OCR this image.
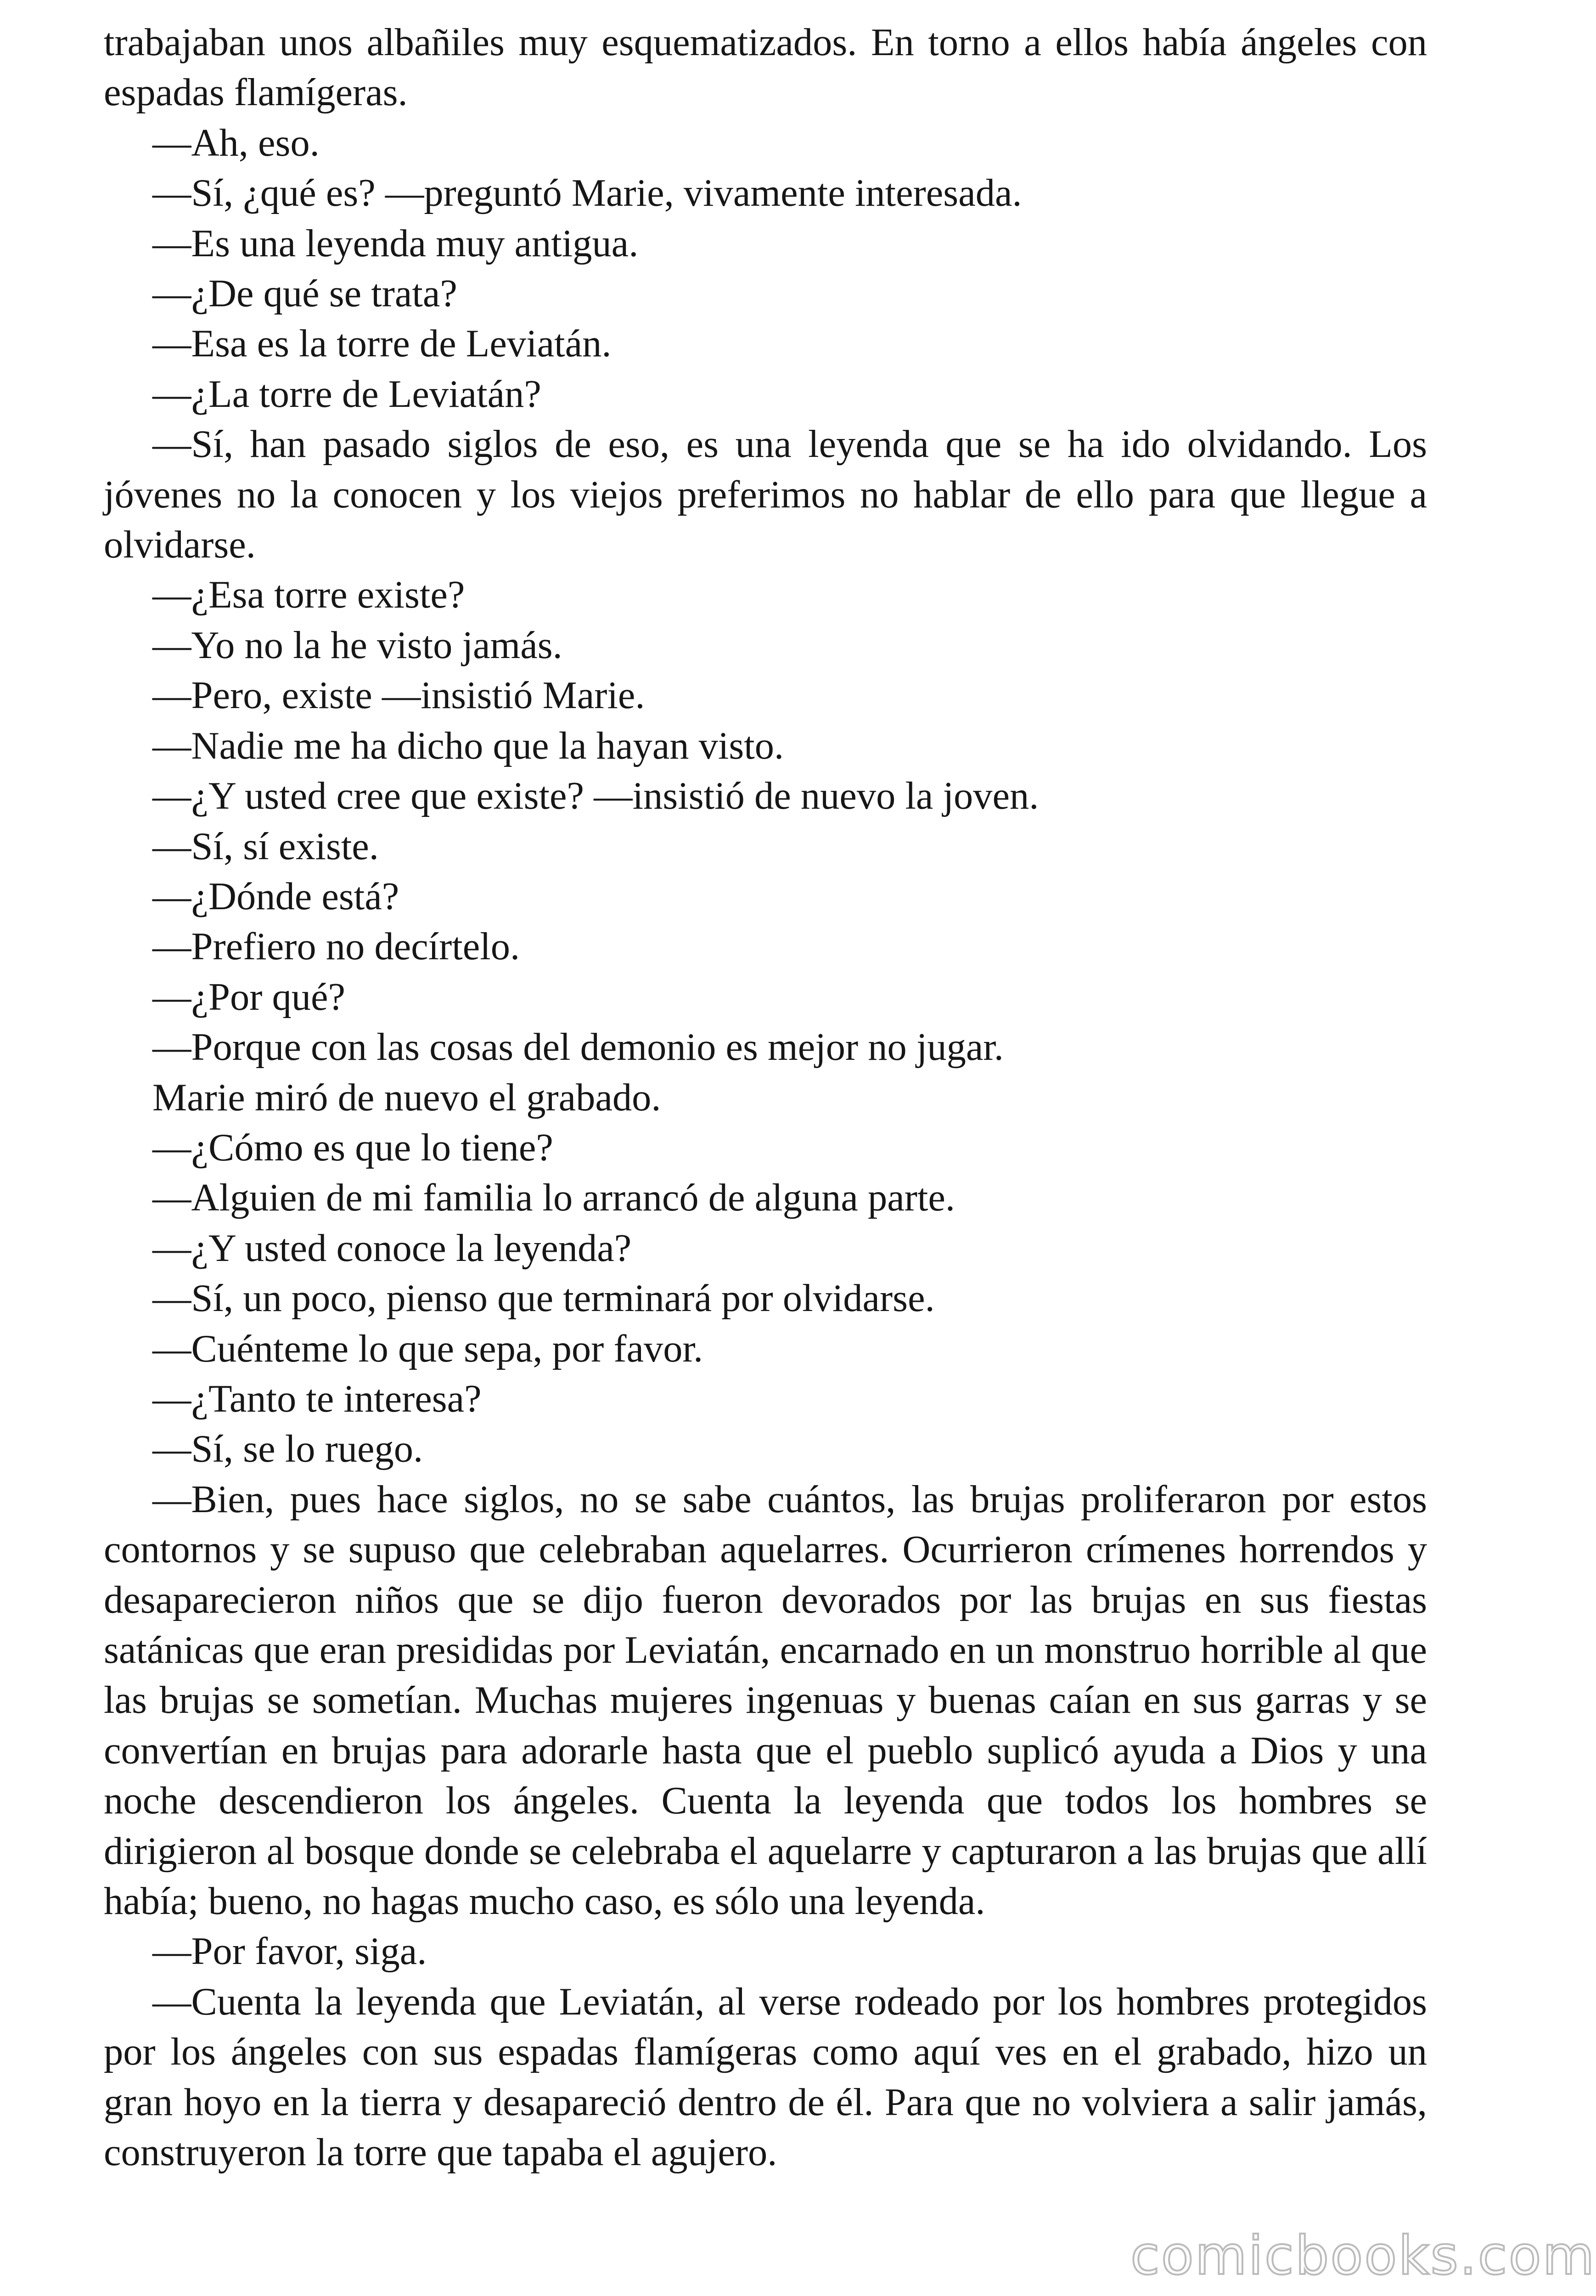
trabajaban unos albañiles muy esquematizados. En torno a ellos había ángeles con espadas flamígeras.

—Ah, eso.

—Sí, ¿qué es? —preguntó Marie, vivamente interesada.

—Es una leyenda muy antigua.

—¿De qué se trata?

—Esa es la torre de Leviatán.

—¿La torre de Leviatán?

—Sí, han pasado siglos de eso, es una leyenda que se ha ido olvidando. Los jóvenes no la conocen y los viejos preferimos no hablar de ello para que llegue a olvidarse.

—¿Esa torre existe?

—Yo no la he visto jamás.

—Pero, existe —insistió Marie.

—Nadie me ha dicho que la hayan visto.

—¿Y usted cree que existe? —insistió de nuevo la joven.

—Sí, sí existe.

—¿Dónde está?

—Prefiero no decírtelo.

—¿Por qué?

—Porque con las cosas del demonio es mejor no jugar.

Marie miró de nuevo el grabado.

—¿Cómo es que lo tiene?

—Alguien de mi familia lo arrancó de alguna parte.

—¿Y usted conoce la leyenda?

—Sí, un poco, pienso que terminará por olvidarse.

—Cuénteme lo que sepa, por favor.

—¿Tanto te interesa?

—Sí, se lo ruego.

—Bien, pues hace siglos, no se sabe cuántos, las brujas proliferaron por estos contornos y se supuso que celebraban aquelarres. Ocurrieron crímenes horrendos y desaparecieron niños que se dijo fueron devorados por las brujas en sus fiestas satánicas que eran presididas por Leviatán, encarnado en un monstruo horrible al que las brujas se sometían. Muchas mujeres ingenuas y buenas caían en sus garras y se convertían en brujas para adorarle hasta que el pueblo suplicó ayuda a Dios y una noche descendieron los ángeles. Cuenta la leyenda que todos los hombres se dirigieron al bosque donde se celebraba el aquelarre y capturaron a las brujas que allí había; bueno, no hagas mucho caso, es sólo una leyenda.

—Por favor, siga.

—Cuenta la leyenda que Leviatán, al verse rodeado por los hombres protegidos por los ángeles con sus espadas flamígeras como aquí ves en el grabado, hizo un gran hoyo en la tierra y desapareció dentro de él. Para que no volviera a salir jamás, construyeron la torre que tapaba el agujero.

comicbooks.com
